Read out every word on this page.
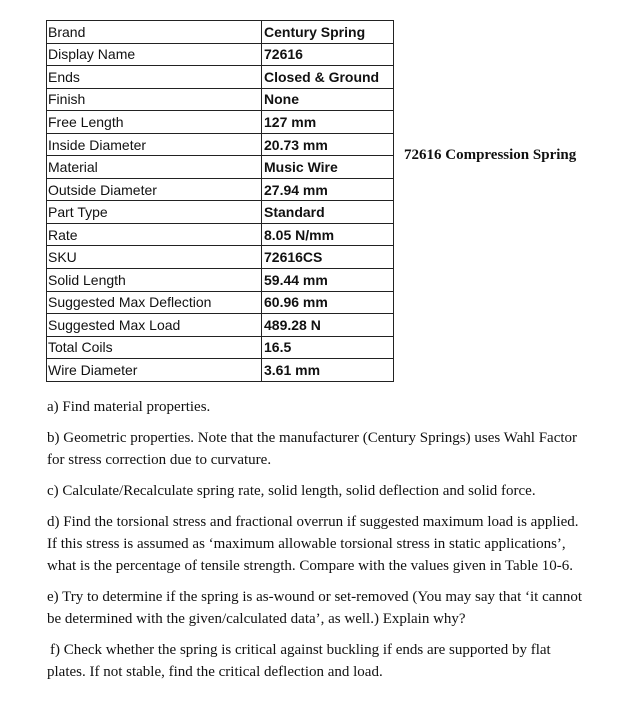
Brand	Century Spring
Display Name	72616
Ends	Closed & Ground
Finish	None
Free Length	127 mm
Inside Diameter	20.73 mm
Material	Music Wire
Outside Diameter	27.94 mm
Part Type	Standard
Rate	8.05 N/mm
SKU	72616CS
Solid Length	59.44 mm
Suggested Max Deflection	60.96 mm
Suggested Max Load	489.28 N
Total Coils	16.5
Wire Diameter	3.61 mm
72616 Compression Spring

a) Find material properties.

b) Geometric properties. Note that the manufacturer (Century Springs) uses Wahl Factor for stress correction due to curvature.

c) Calculate/Recalculate spring rate, solid length, solid deflection and solid force.

d) Find the torsional stress and fractional overrun if suggested maximum load is applied. If this stress is assumed as ‘maximum allowable torsional stress in static applications’, what is the percentage of tensile strength. Compare with the values given in Table 10-6.

e) Try to determine if the spring is as-wound or set-removed (You may say that ‘it cannot be determined with the given/calculated data’, as well.) Explain why?

f) Check whether the spring is critical against buckling if ends are supported by flat plates. If not stable, find the critical deflection and load.
